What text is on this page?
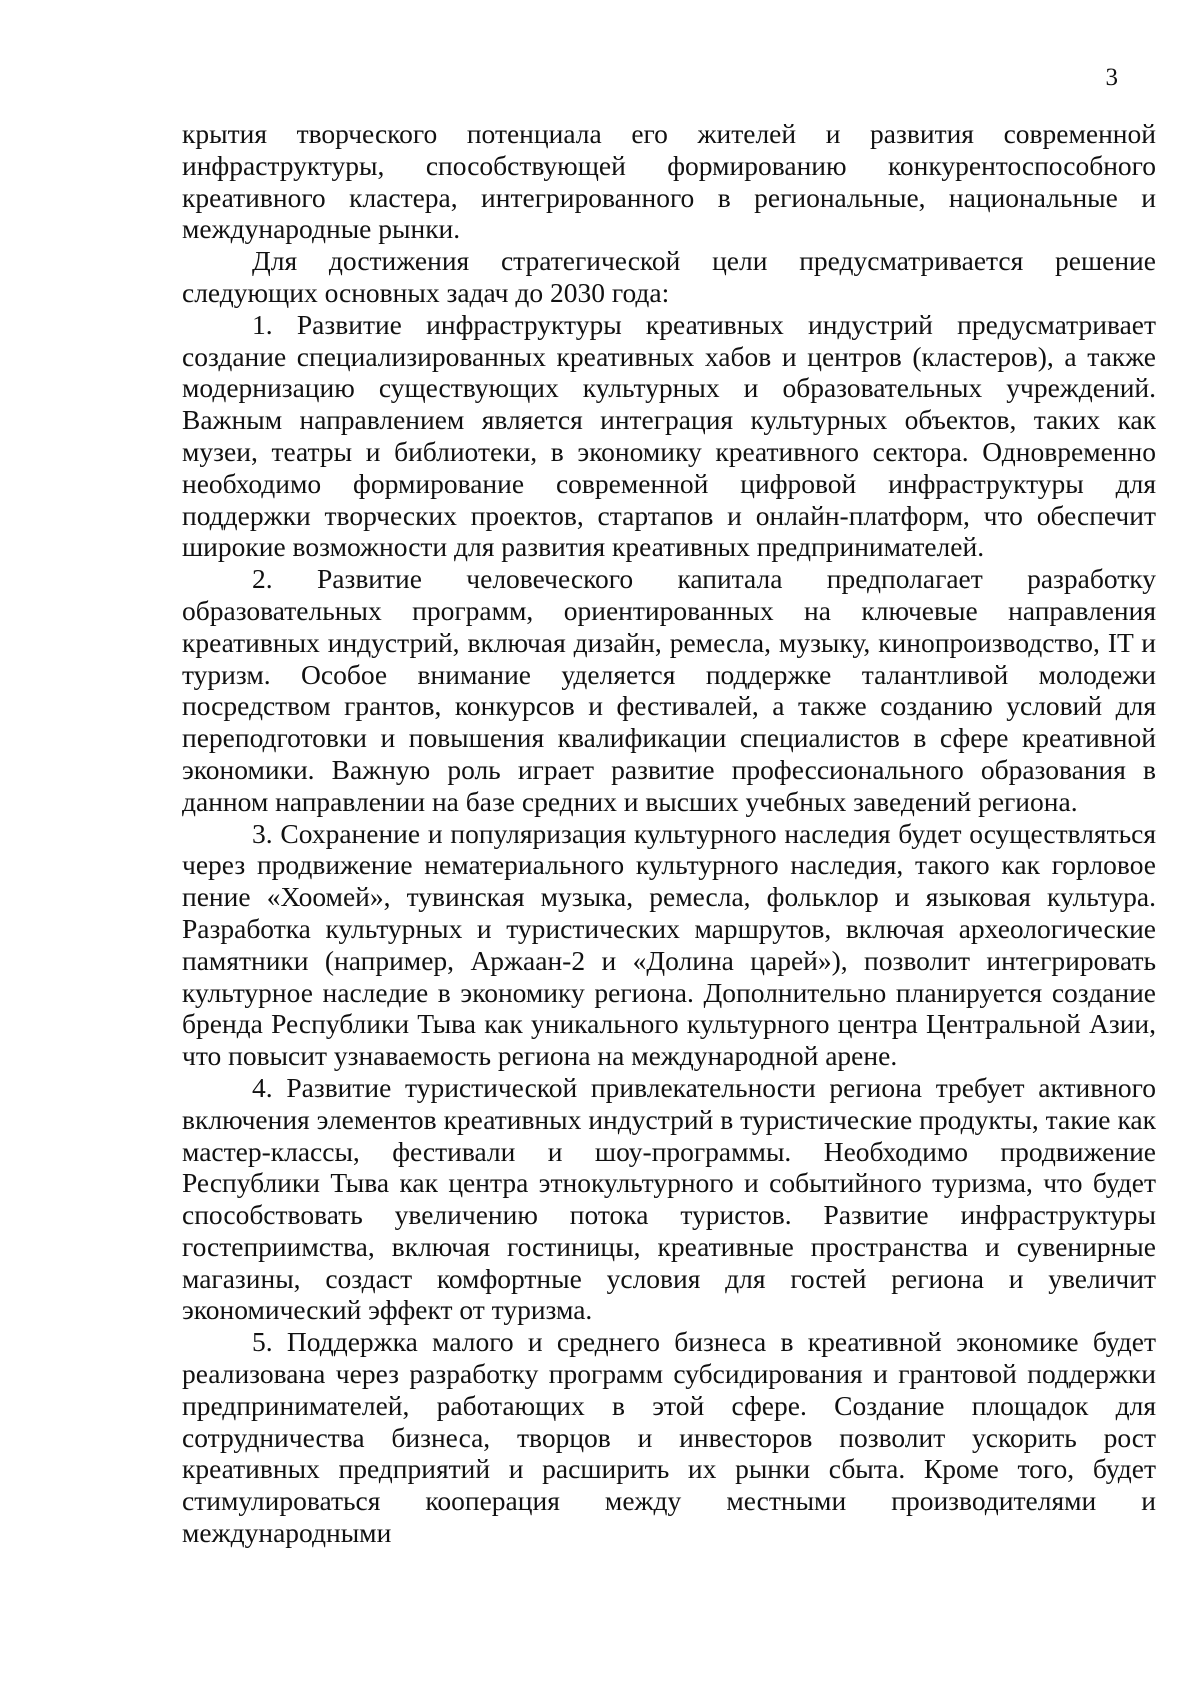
3

крытия творческого потенциала его жителей и развития современной инфраструктуры, способствующей формированию конкурентоспособного креативного кластера, интегрированного в региональные, национальные и международные рынки.

Для достижения стратегической цели предусматривается решение следующих основных задач до 2030 года:

1. Развитие инфраструктуры креативных индустрий предусматривает создание специализированных креативных хабов и центров (кластеров), а также модернизацию существующих культурных и образовательных учреждений. Важным направлением является интеграция культурных объектов, таких как музеи, театры и библиотеки, в экономику креативного сектора. Одновременно необходимо формирование современной цифровой инфраструктуры для поддержки творческих проектов, стартапов и онлайн-платформ, что обеспечит широкие возможности для развития креативных предпринимателей.

2. Развитие человеческого капитала предполагает разработку образовательных программ, ориентированных на ключевые направления креативных индустрий, включая дизайн, ремесла, музыку, кинопроизводство, IT и туризм. Особое внимание уделяется поддержке талантливой молодежи посредством грантов, конкурсов и фестивалей, а также созданию условий для переподготовки и повышения квалификации специалистов в сфере креативной экономики. Важную роль играет развитие профессионального образования в данном направлении на базе средних и высших учебных заведений региона.

3. Сохранение и популяризация культурного наследия будет осуществляться через продвижение нематериального культурного наследия, такого как горловое пение «Хоомей», тувинская музыка, ремесла, фольклор и языковая культура. Разработка культурных и туристических маршрутов, включая археологические памятники (например, Аржаан-2 и «Долина царей»), позволит интегрировать культурное наследие в экономику региона. Дополнительно планируется создание бренда Республики Тыва как уникального культурного центра Центральной Азии, что повысит узнаваемость региона на международной арене.

4. Развитие туристической привлекательности региона требует активного включения элементов креативных индустрий в туристические продукты, такие как мастер-классы, фестивали и шоу-программы. Необходимо продвижение Республики Тыва как центра этнокультурного и событийного туризма, что будет способствовать увеличению потока туристов. Развитие инфраструктуры гостеприимства, включая гостиницы, креативные пространства и сувенирные магазины, создаст комфортные условия для гостей региона и увеличит экономический эффект от туризма.

5. Поддержка малого и среднего бизнеса в креативной экономике будет реализована через разработку программ субсидирования и грантовой поддержки предпринимателей, работающих в этой сфере. Создание площадок для сотрудничества бизнеса, творцов и инвесторов позволит ускорить рост креативных предприятий и расширить их рынки сбыта. Кроме того, будет стимулироваться кооперация между местными производителями и международными
